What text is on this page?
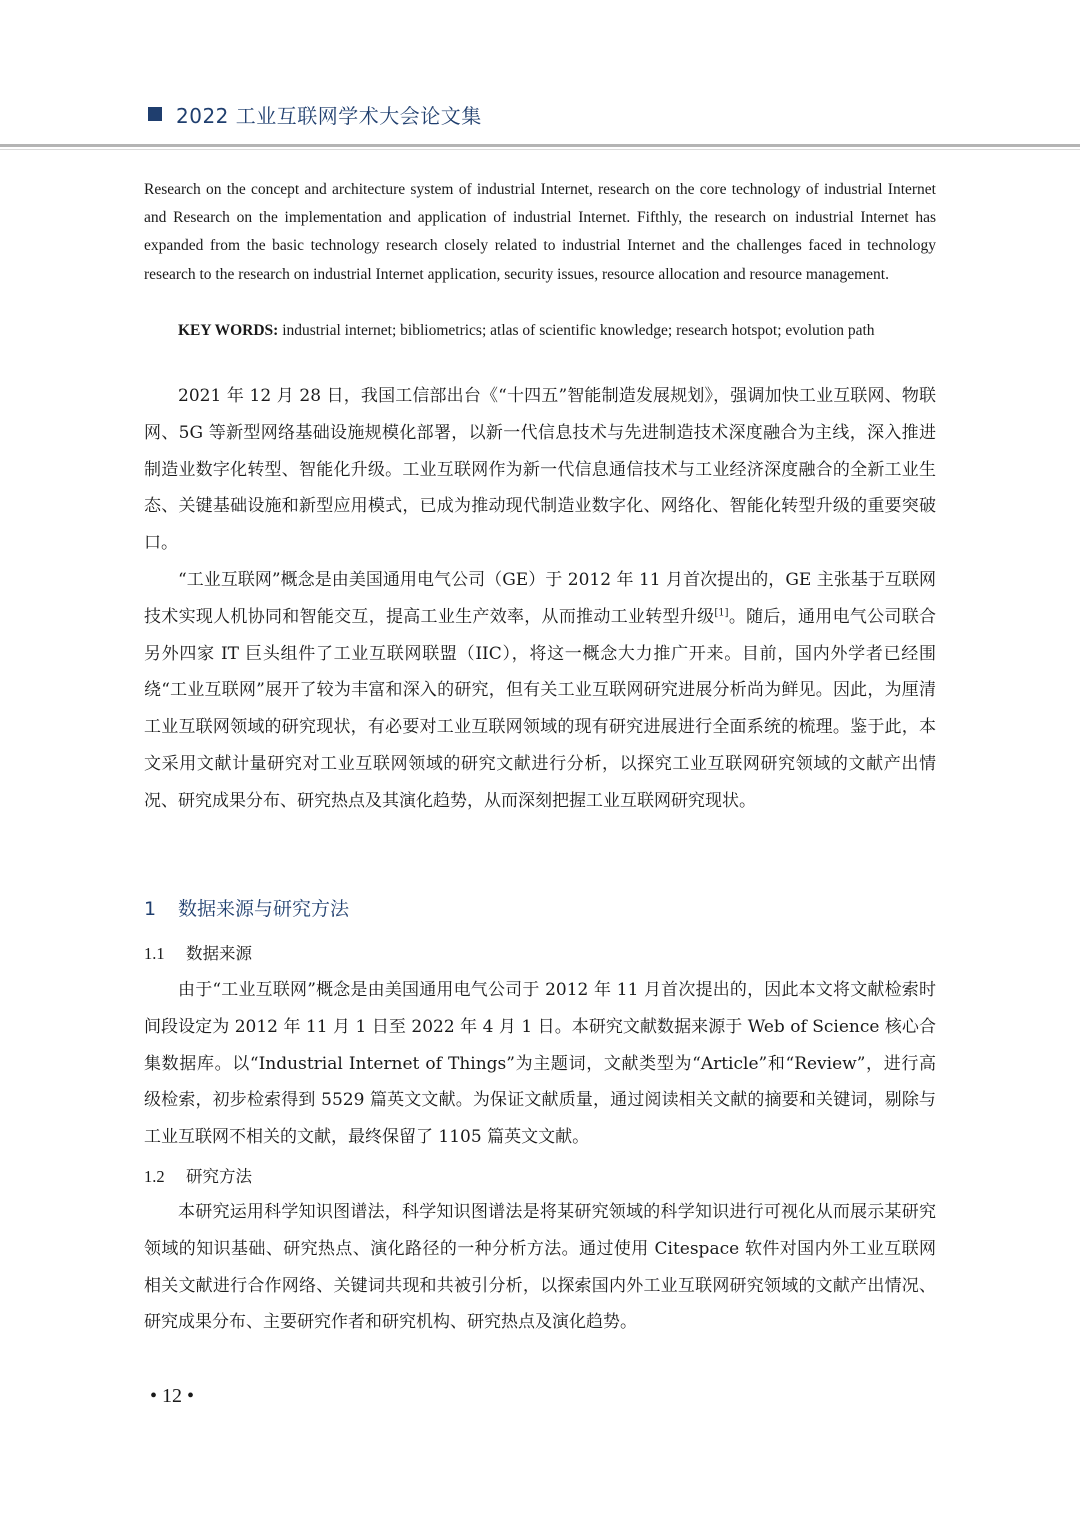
2022 工业互联网学术大会论文集
Research on the concept and architecture system of industrial Internet, research on the core technology of industrial Internet and Research on the implementation and application of industrial Internet. Fifthly, the research on industrial Internet has expanded from the basic technology research closely related to industrial Internet and the challenges faced in technology research to the research on industrial Internet application, security issues, resource allocation and resource management.
KEY WORDS: industrial internet; bibliometrics; atlas of scientific knowledge; research hotspot; evolution path

2021 年 12 月 28 日，我国工信部出台《“十四五”智能制造发展规划》，强调加快工业互联网、物联网、5G 等新型网络基础设施规模化部署，以新一代信息技术与先进制造技术深度融合为主线，深入推进制造业数字化转型、智能化升级。工业互联网作为新一代信息通信技术与工业经济深度融合的全新工业生态、关键基础设施和新型应用模式，已成为推动现代制造业数字化、网络化、智能化转型升级的重要突破口。

“工业互联网”概念是由美国通用电气公司（GE）于 2012 年 11 月首次提出的，GE 主张基于互联网技术实现人机协同和智能交互，提高工业生产效率，从而推动工业转型升级[1]。随后，通用电气公司联合另外四家 IT 巨头组件了工业互联网联盟（IIC），将这一概念大力推广开来。目前，国内外学者已经围绕“工业互联网”展开了较为丰富和深入的研究，但有关工业互联网研究进展分析尚为鲜见。因此，为厘清工业互联网领域的研究现状，有必要对工业互联网领域的现有研究进展进行全面系统的梳理。鉴于此，本文采用文献计量研究对工业互联网领域的研究文献进行分析，以探究工业互联网研究领域的文献产出情况、研究成果分布、研究热点及其演化趋势，从而深刻把握工业互联网研究现状。

1 数据来源与研究方法
1.1 数据来源

由于“工业互联网”概念是由美国通用电气公司于 2012 年 11 月首次提出的，因此本文将文献检索时间段设定为 2012 年 11 月 1 日至 2022 年 4 月 1 日。本研究文献数据来源于 Web of Science 核心合集数据库。以“Industrial Internet of Things”为主题词，文献类型为“Article”和“Review”，进行高级检索，初步检索得到 5529 篇英文文献。为保证文献质量，通过阅读相关文献的摘要和关键词，剔除与工业互联网不相关的文献，最终保留了 1105 篇英文文献。

1.2 研究方法

本研究运用科学知识图谱法，科学知识图谱法是将某研究领域的科学知识进行可视化从而展示某研究领域的知识基础、研究热点、演化路径的一种分析方法。通过使用 Citespace 软件对国内外工业互联网相关文献进行合作网络、关键词共现和共被引分析，以探索国内外工业互联网研究领域的文献产出情况、研究成果分布、主要研究作者和研究机构、研究热点及演化趋势。

• 12 •
